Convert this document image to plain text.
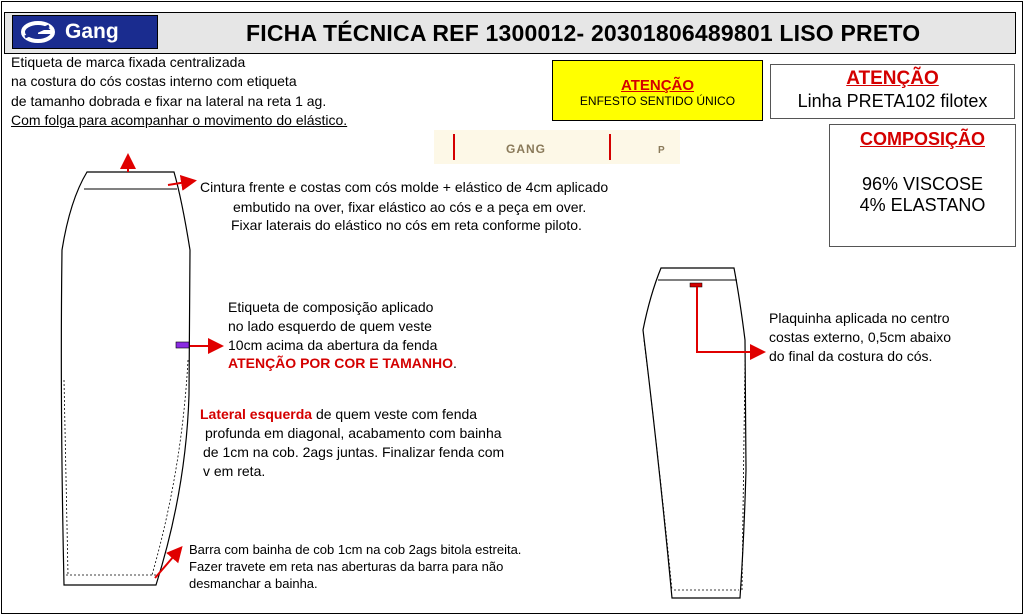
Gang	FICHA TÉCNICA REF 1300012- 20301806489801 LISO PRETO
Etiqueta de marca fixada centralizada
na costura do cós costas interno com etiqueta
de tamanho dobrada e fixar na lateral na reta 1 ag.
Com folga para acompanhar o movimento do elástico.
ATENÇÃO
ENFESTO SENTIDO ÚNICO
ATENÇÃO
Linha PRETA102 filotex
COMPOSIÇÃO
96% VISCOSE
4% ELASTANO
GANG	P
Cintura frente e costas com cós molde + elástico de 4cm aplicado
embutido na over, fixar elástico ao cós e a peça em over.
Fixar laterais do elástico no cós em reta conforme piloto.
Etiqueta de composição aplicado
no lado esquerdo de quem veste
10cm acima da abertura da fenda
ATENÇÃO POR COR E TAMANHO.
Lateral esquerda de quem veste com fenda
profunda em diagonal, acabamento com bainha
de 1cm na cob. 2ags juntas. Finalizar fenda com
v em reta.
Barra com bainha de cob 1cm na cob 2ags bitola estreita.
Fazer travete em reta nas aberturas da barra para não
desmanchar a bainha.
Plaquinha aplicada no centro
costas externo, 0,5cm abaixo
do final da costura do cós.
